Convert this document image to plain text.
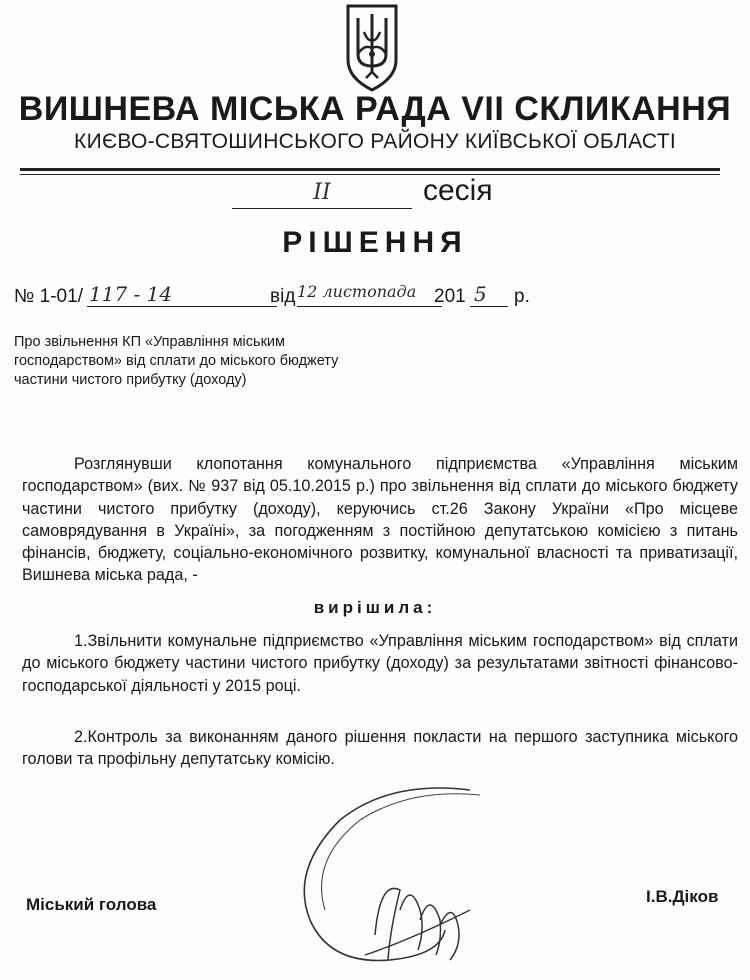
ВИШНЕВА МІСЬКА РАДА VII СКЛИКАННЯ
КИЄВО-СВЯТОШИНСЬКОГО РАЙОНУ КИЇВСЬКОЇ ОБЛАСТІ
ІІ	сесія
РІШЕННЯ
№ 1-01/ 117 - 14	від 12 листопада 201 5 р.
Про звільнення КП «Управління міським
господарством» від сплати до міського бюджету
частини чистого прибутку (доходу)

Розглянувши клопотання комунального підприємства «Управління міським господарством» (вих. № 937 від 05.10.2015 р.) про звільнення від сплати до міського бюджету частини чистого прибутку (доходу), керуючись ст.26 Закону України «Про місцеве самоврядування в Україні», за погодженням з постійною депутатською комісією з питань фінансів, бюджету, соціально-економічного розвитку, комунальної власності та приватизації, Вишнева міська рада, -

вирішила:

1.Звільнити комунальне підприємство «Управління міським господарством» від сплати до міського бюджету частини чистого прибутку (доходу) за результатами звітності фінансово-господарської діяльності у 2015 році.

2.Контроль за виконанням даного рішення покласти на першого заступника міського голови та профільну депутатську комісію.

Міський голова	І.В.Діков
